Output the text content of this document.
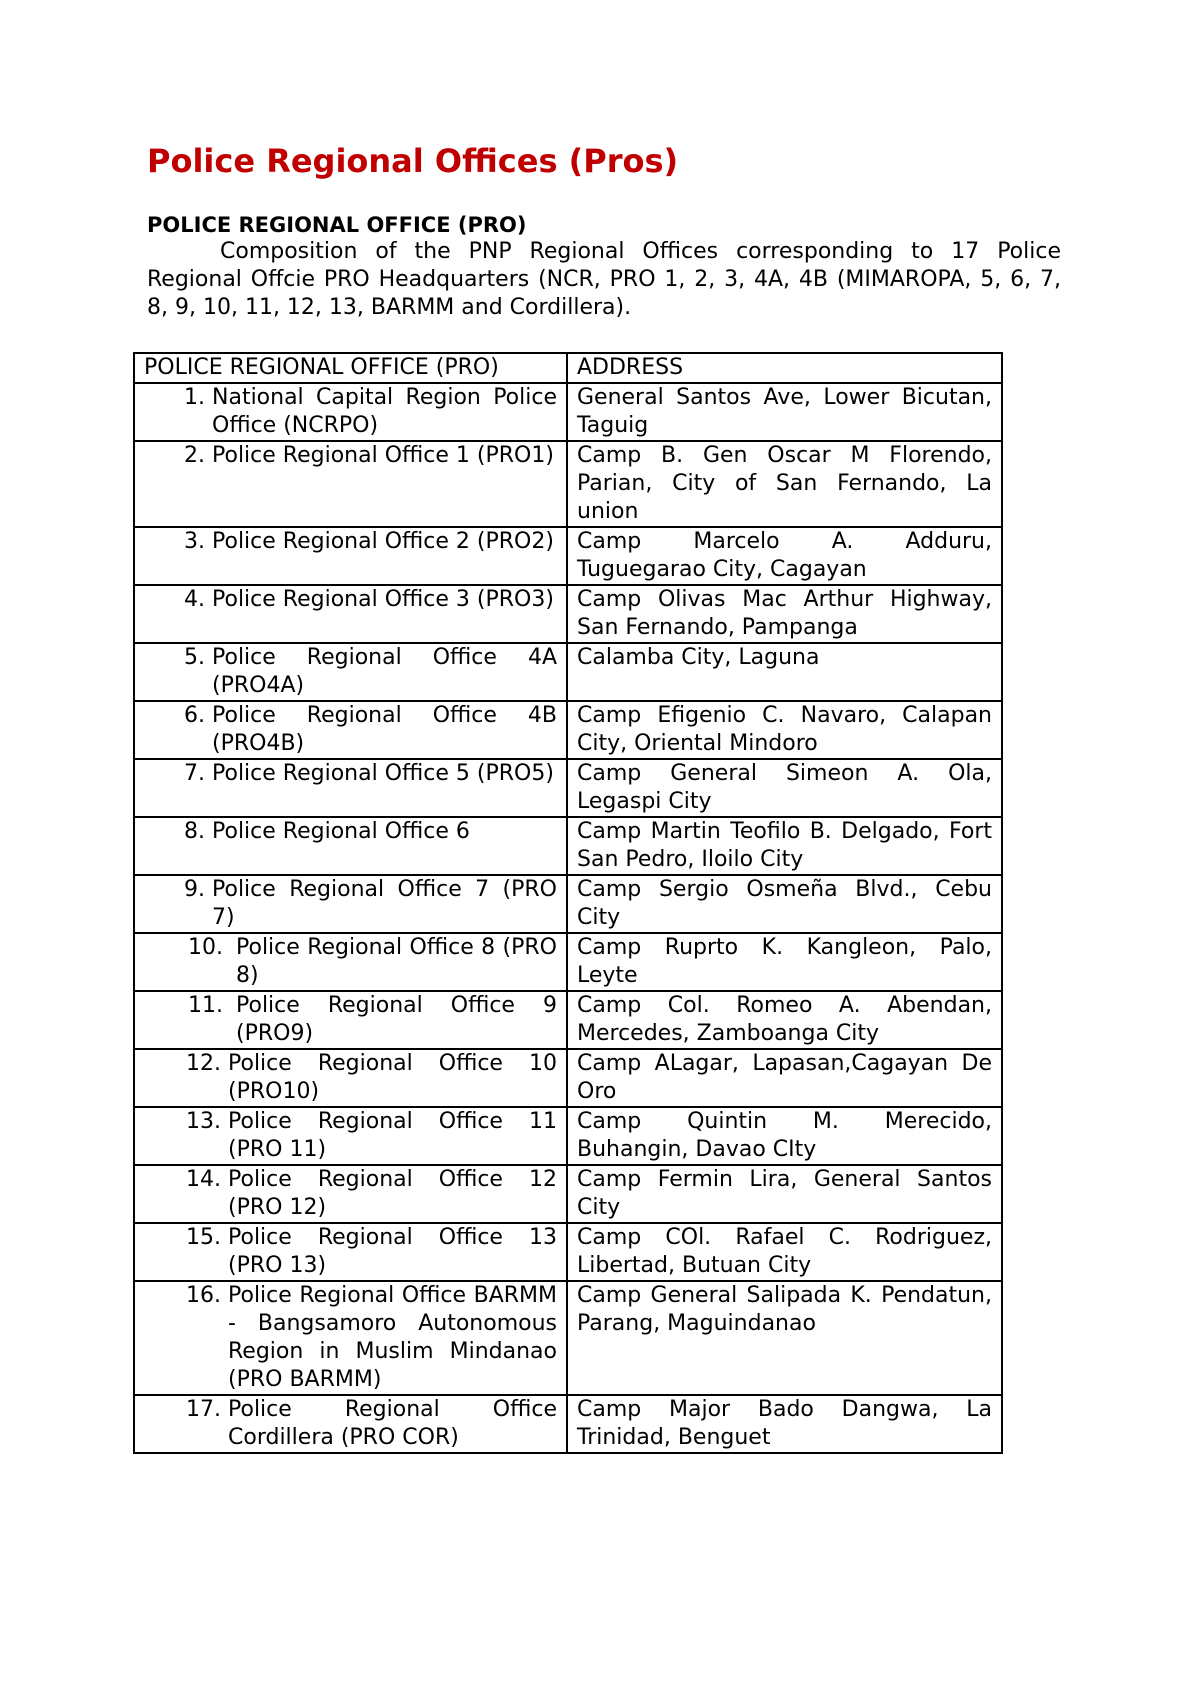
Police Regional Offices (Pros)
POLICE REGIONAL OFFICE (PRO)

Composition of the PNP Regional Offices corresponding to 17 Police Regional Offcie PRO Headquarters (NCR, PRO 1, 2, 3, 4A, 4B (MIMAROPA, 5, 6, 7, 8, 9, 10, 11, 12, 13, BARMM and Cordillera).

POLICE REGIONAL OFFICE (PRO)	ADDRESS

1. National Capital Region Police Office (NCRPO)	General Santos Ave, Lower Bicutan, Taguig

2. Police Regional Office 1 (PRO1)	Camp B. Gen Oscar M Florendo, Parian, City of San Fernando, La union

3. Police Regional Office 2 (PRO2)	Camp Marcelo A. Adduru, Tuguegarao City, Cagayan

4. Police Regional Office 3 (PRO3)	Camp Olivas Mac Arthur Highway, San Fernando, Pampanga

5. Police Regional Office 4A (PRO4A)	Calamba City, Laguna

6. Police Regional Office 4B (PRO4B)	Camp Efigenio C. Navaro, Calapan City, Oriental Mindoro

7. Police Regional Office 5 (PRO5)	Camp General Simeon A. Ola, Legaspi City

8. Police Regional Office 6	Camp Martin Teofilo B. Delgado, Fort San Pedro, Iloilo City

9. Police Regional Office 7 (PRO 7)	Camp Sergio Osmeña Blvd., Cebu City

10. Police Regional Office 8 (PRO 8)	Camp Ruprto K. Kangleon, Palo, Leyte

11. Police Regional Office 9 (PRO9)	Camp Col. Romeo A. Abendan, Mercedes, Zamboanga City

12. Police Regional Office 10 (PRO10)	Camp ALagar, Lapasan,Cagayan De Oro

13. Police Regional Office 11 (PRO 11)	Camp Quintin M. Merecido, Buhangin, Davao CIty

14. Police Regional Office 12 (PRO 12)	Camp Fermin Lira, General Santos City

15. Police Regional Office 13 (PRO 13)	Camp COl. Rafael C. Rodriguez, Libertad, Butuan City

16. Police Regional Office BARMM - Bangsamoro Autonomous Region in Muslim Mindanao (PRO BARMM)	Camp General Salipada K. Pendatun, Parang, Maguindanao

17. Police Regional Office Cordillera (PRO COR)	Camp Major Bado Dangwa, La Trinidad, Benguet
